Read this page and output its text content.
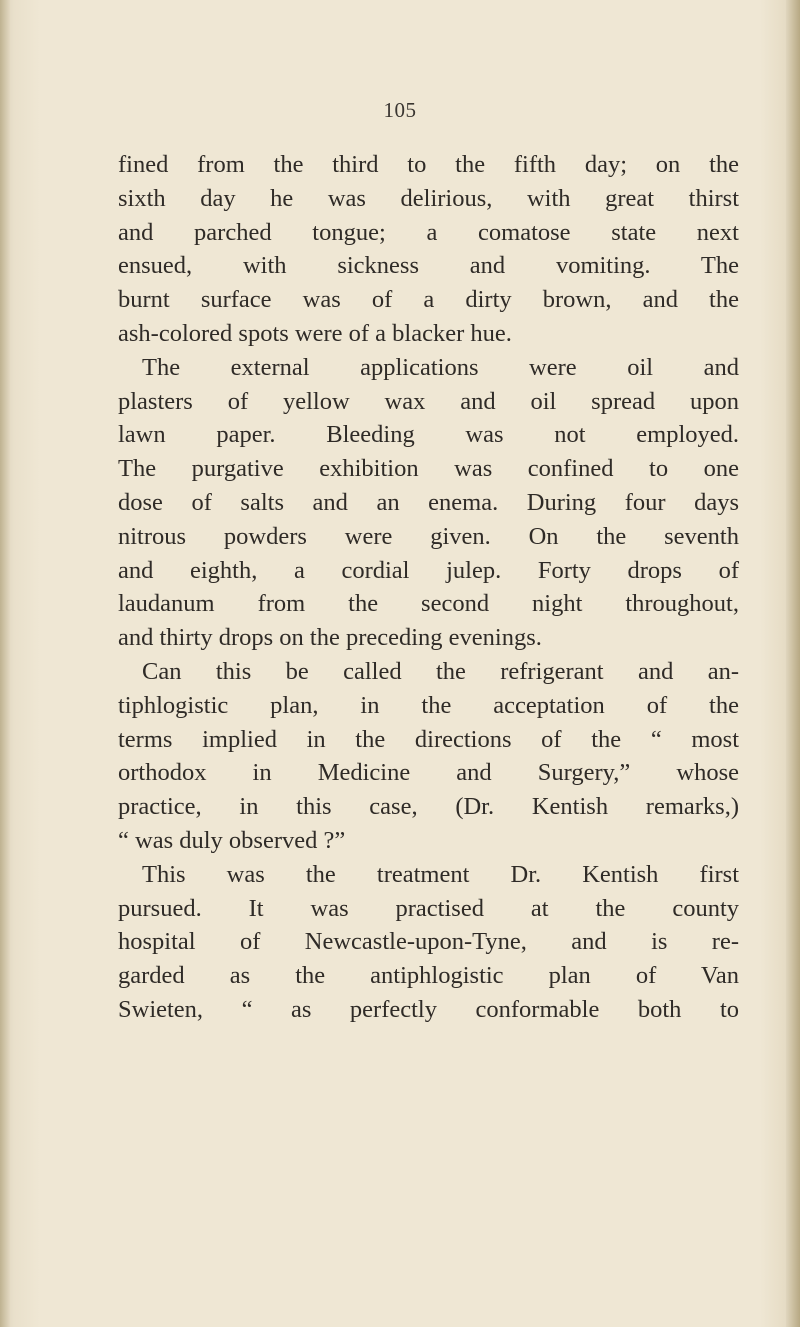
105
fined from the third to the fifth day; on the
sixth day he was delirious, with great thirst
and parched tongue; a comatose state next
ensued, with sickness and vomiting. The
burnt surface was of a dirty brown, and the
ash-colored spots were of a blacker hue.
The external applications were oil and
plasters of yellow wax and oil spread upon
lawn paper. Bleeding was not employed.
The purgative exhibition was confined to one
dose of salts and an enema. During four days
nitrous powders were given. On the seventh
and eighth, a cordial julep. Forty drops of
laudanum from the second night throughout,
and thirty drops on the preceding evenings.
Can this be called the refrigerant and an-
tiphlogistic plan, in the acceptation of the
terms implied in the directions of the “ most
orthodox in Medicine and Surgery,” whose
practice, in this case, (Dr. Kentish remarks,)
“ was duly observed ?”
This was the treatment Dr. Kentish first
pursued. It was practised at the county
hospital of Newcastle-upon-Tyne, and is re-
garded as the antiphlogistic plan of Van
Swieten, “ as perfectly conformable both to
